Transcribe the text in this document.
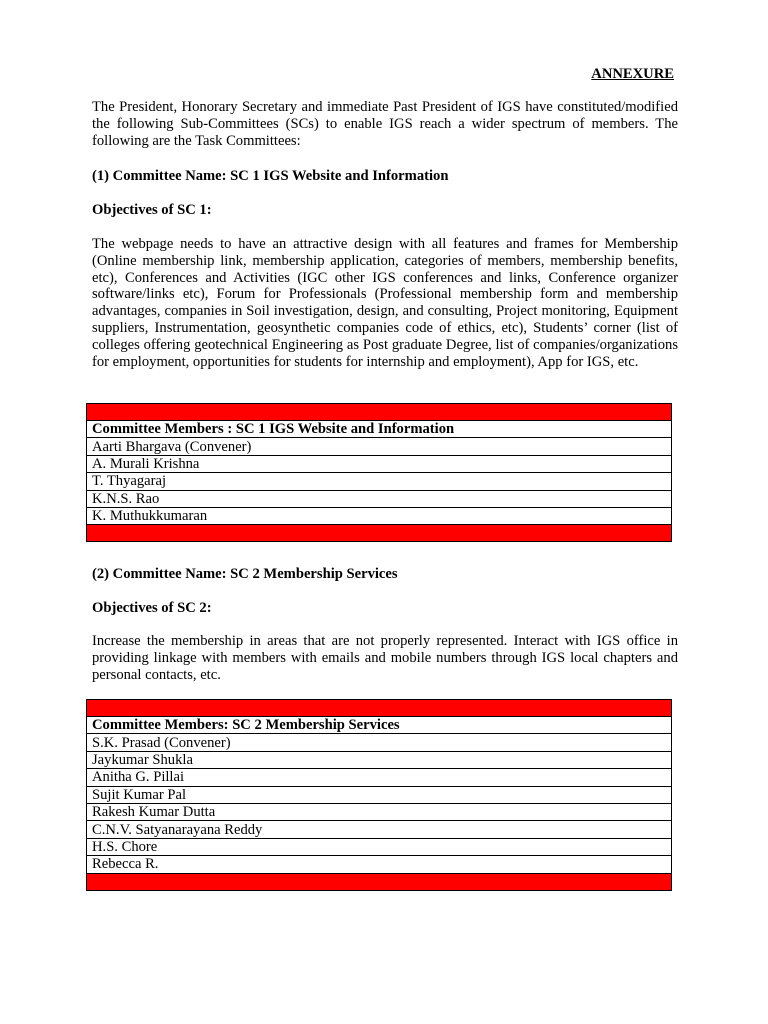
ANNEXURE

The President, Honorary Secretary and immediate Past President of IGS have constituted/modified the following Sub-Committees (SCs) to enable IGS reach a wider spectrum of members. The following are the Task Committees:

(1) Committee Name: SC 1 IGS Website and Information

Objectives of SC 1:

The webpage needs to have an attractive design with all features and frames for Membership (Online membership link, membership application, categories of members, membership benefits, etc), Conferences and Activities (IGC other IGS conferences and links, Conference organizer software/links etc), Forum for Professionals (Professional membership form and membership advantages, companies in Soil investigation, design, and consulting, Project monitoring, Equipment suppliers, Instrumentation, geosynthetic companies code of ethics, etc), Students’ corner (list of colleges offering geotechnical Engineering as Post graduate Degree, list of companies/organizations for employment, opportunities for students for internship and employment), App for IGS, etc.

Committee Members : SC 1 IGS Website and Information
Aarti Bhargava (Convener)
A. Murali Krishna
T. Thyagaraj
K.N.S. Rao
K. Muthukkumaran

(2) Committee Name: SC 2 Membership Services

Objectives of SC 2:

Increase the membership in areas that are not properly represented. Interact with IGS office in providing linkage with members with emails and mobile numbers through IGS local chapters and personal contacts, etc.

Committee Members: SC 2 Membership Services
S.K. Prasad (Convener)
Jaykumar Shukla
Anitha G. Pillai
Sujit Kumar Pal
Rakesh Kumar Dutta
C.N.V. Satyanarayana Reddy
H.S. Chore
Rebecca R.
